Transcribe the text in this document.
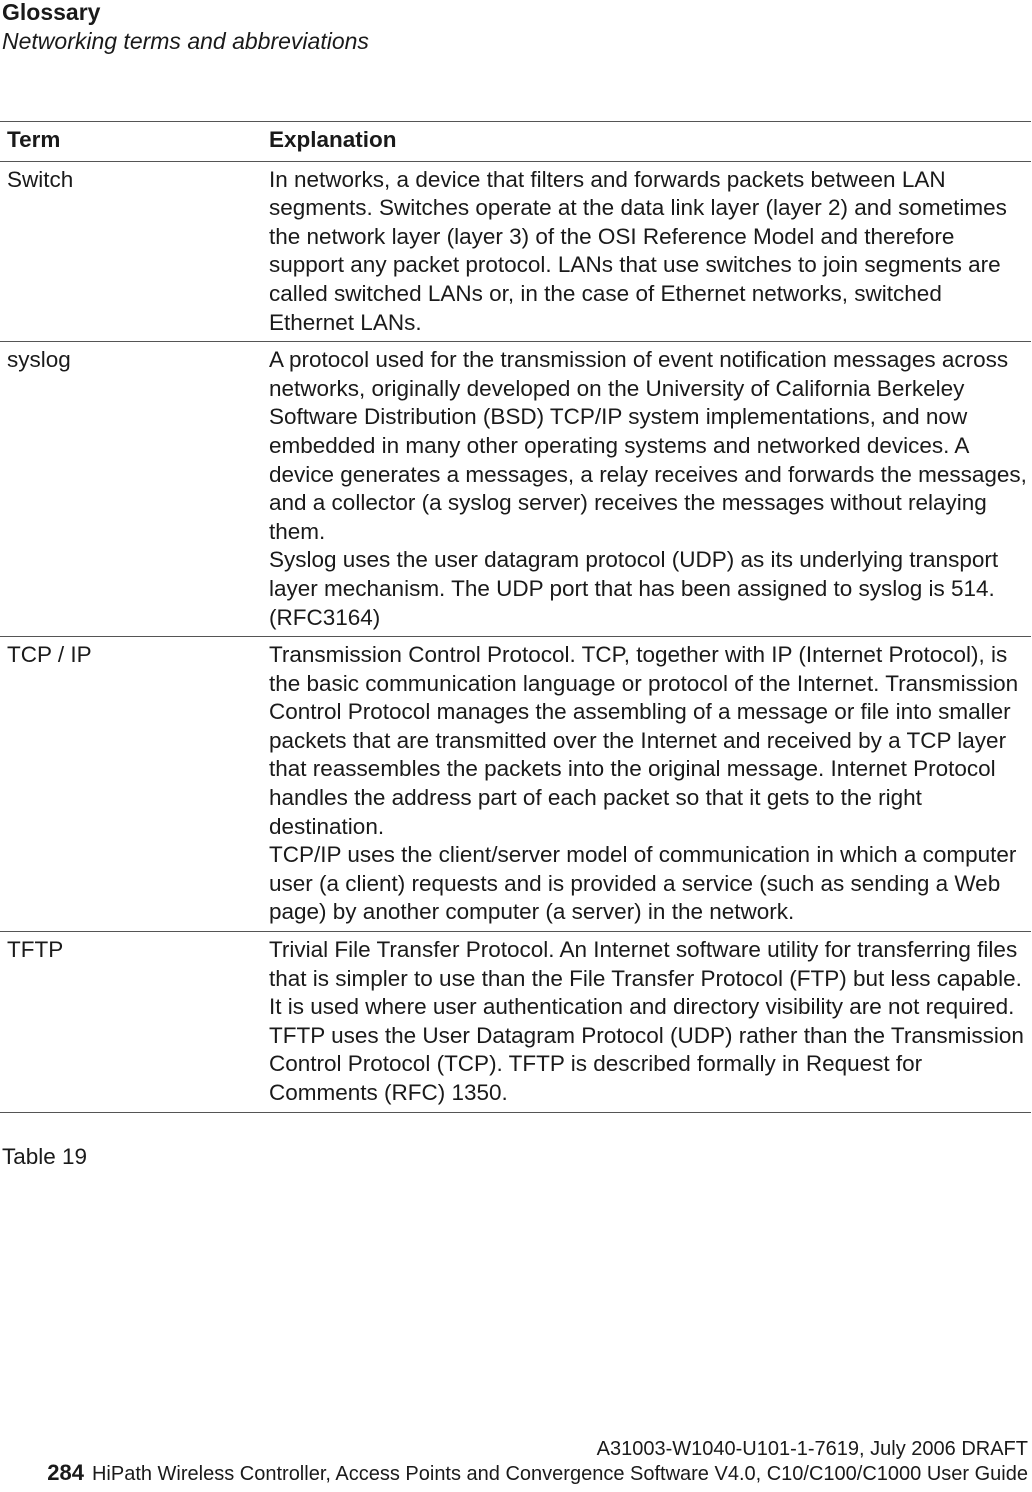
Glossary
Networking terms and abbreviations
Term	Explanation
Switch	In networks, a device that filters and forwards packets between LAN segments. Switches operate at the data link layer (layer 2) and sometimes the network layer (layer 3) of the OSI Reference Model and therefore support any packet protocol. LANs that use switches to join segments are called switched LANs or, in the case of Ethernet networks, switched Ethernet LANs.

syslog	A protocol used for the transmission of event notification messages across networks, originally developed on the University of California Berkeley Software Distribution (BSD) TCP/IP system implementations, and now embedded in many other operating systems and networked devices. A device generates a messages, a relay receives and forwards the messages, and a collector (a syslog server) receives the messages without relaying them.

Syslog uses the user datagram protocol (UDP) as its underlying transport layer mechanism. The UDP port that has been assigned to syslog is 514. (RFC3164)

TCP / IP	Transmission Control Protocol. TCP, together with IP (Internet Protocol), is the basic communication language or protocol of the Internet. Transmission Control Protocol manages the assembling of a message or file into smaller packets that are transmitted over the Internet and received by a TCP layer that reassembles the packets into the original message. Internet Protocol handles the address part of each packet so that it gets to the right destination.

TCP/IP uses the client/server model of communication in which a computer user (a client) requests and is provided a service (such as sending a Web page) by another computer (a server) in the network.

TFTP	Trivial File Transfer Protocol. An Internet software utility for transferring files that is simpler to use than the File Transfer Protocol (FTP) but less capable. It is used where user authentication and directory visibility are not required. TFTP uses the User Datagram Protocol (UDP) rather than the Transmission Control Protocol (TCP). TFTP is described formally in Request for Comments (RFC) 1350.

Table 19
A31003-W1040-U101-1-7619, July 2006 DRAFT
284 HiPath Wireless Controller, Access Points and Convergence Software V4.0, C10/C100/C1000 User Guide
